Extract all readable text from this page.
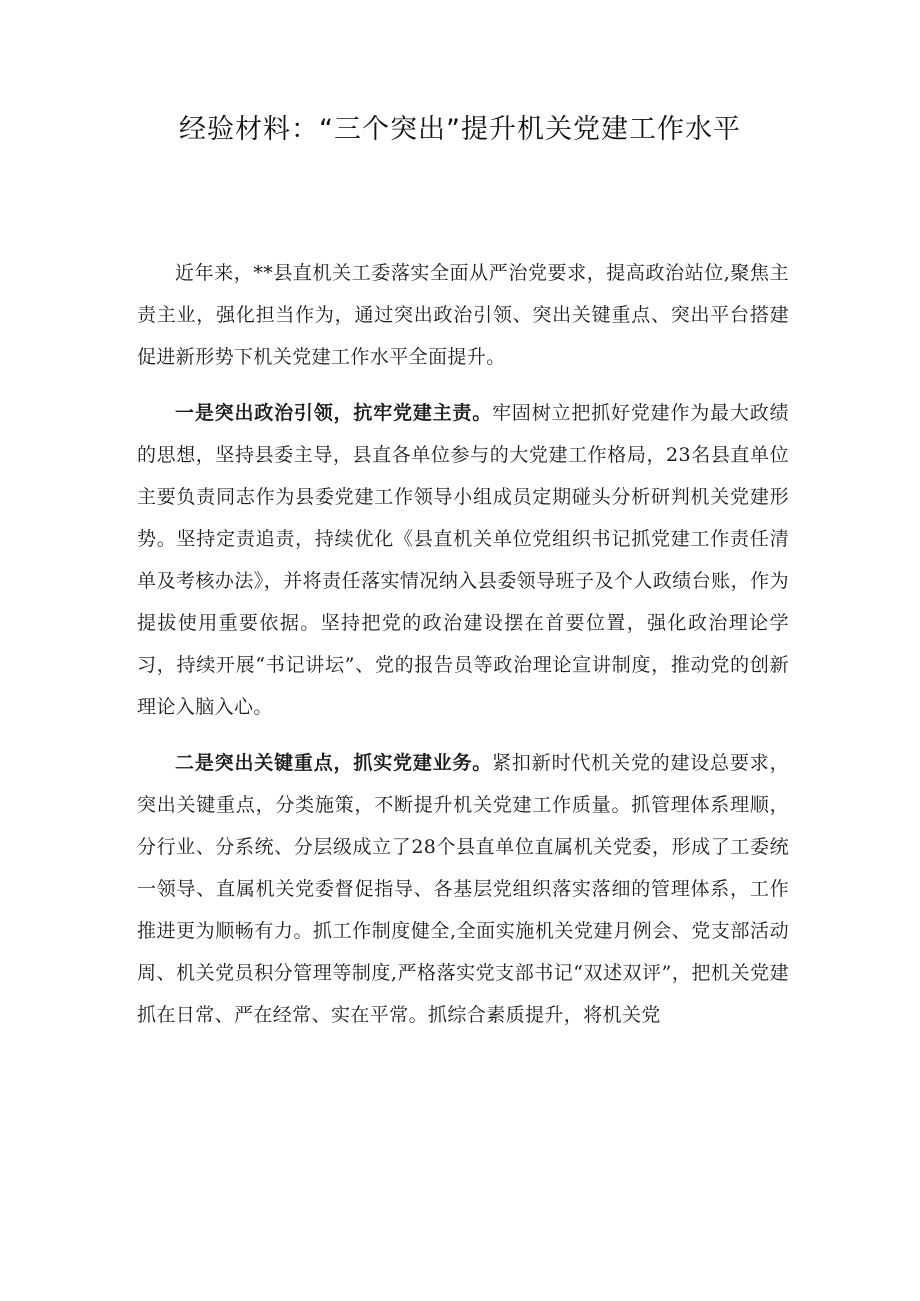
经验材料：“三个突出”提升机关党建工作水平

近年来，**县直机关工委落实全面从严治党要求，提高政治站位,聚焦主责主业，强化担当作为，通过突出政治引领、突出关键重点、突出平台搭建促进新形势下机关党建工作水平全面提升。

一是突出政治引领，抗牢党建主责。牢固树立把抓好党建作为最大政绩的思想，坚持县委主导，县直各单位参与的大党建工作格局，23名县直单位主要负责同志作为县委党建工作领导小组成员定期碰头分析研判机关党建形势。坚持定责追责，持续优化《县直机关单位党组织书记抓党建工作责任清单及考核办法》，并将责任落实情况纳入县委领导班子及个人政绩台账，作为提拔使用重要依据。坚持把党的政治建设摆在首要位置，强化政治理论学习，持续开展“书记讲坛”、党的报告员等政治理论宣讲制度，推动党的创新理论入脑入心。

二是突出关键重点，抓实党建业务。紧扣新时代机关党的建设总要求，突出关键重点，分类施策，不断提升机关党建工作质量。抓管理体系理顺，分行业、分系统、分层级成立了28个县直单位直属机关党委，形成了工委统一领导、直属机关党委督促指导、各基层党组织落实落细的管理体系，工作推进更为顺畅有力。抓工作制度健全,全面实施机关党建月例会、党支部活动周、机关党员积分管理等制度,严格落实党支部书记“双述双评”，把机关党建抓在日常、严在经常、实在平常。抓综合素质提升，将机关党
